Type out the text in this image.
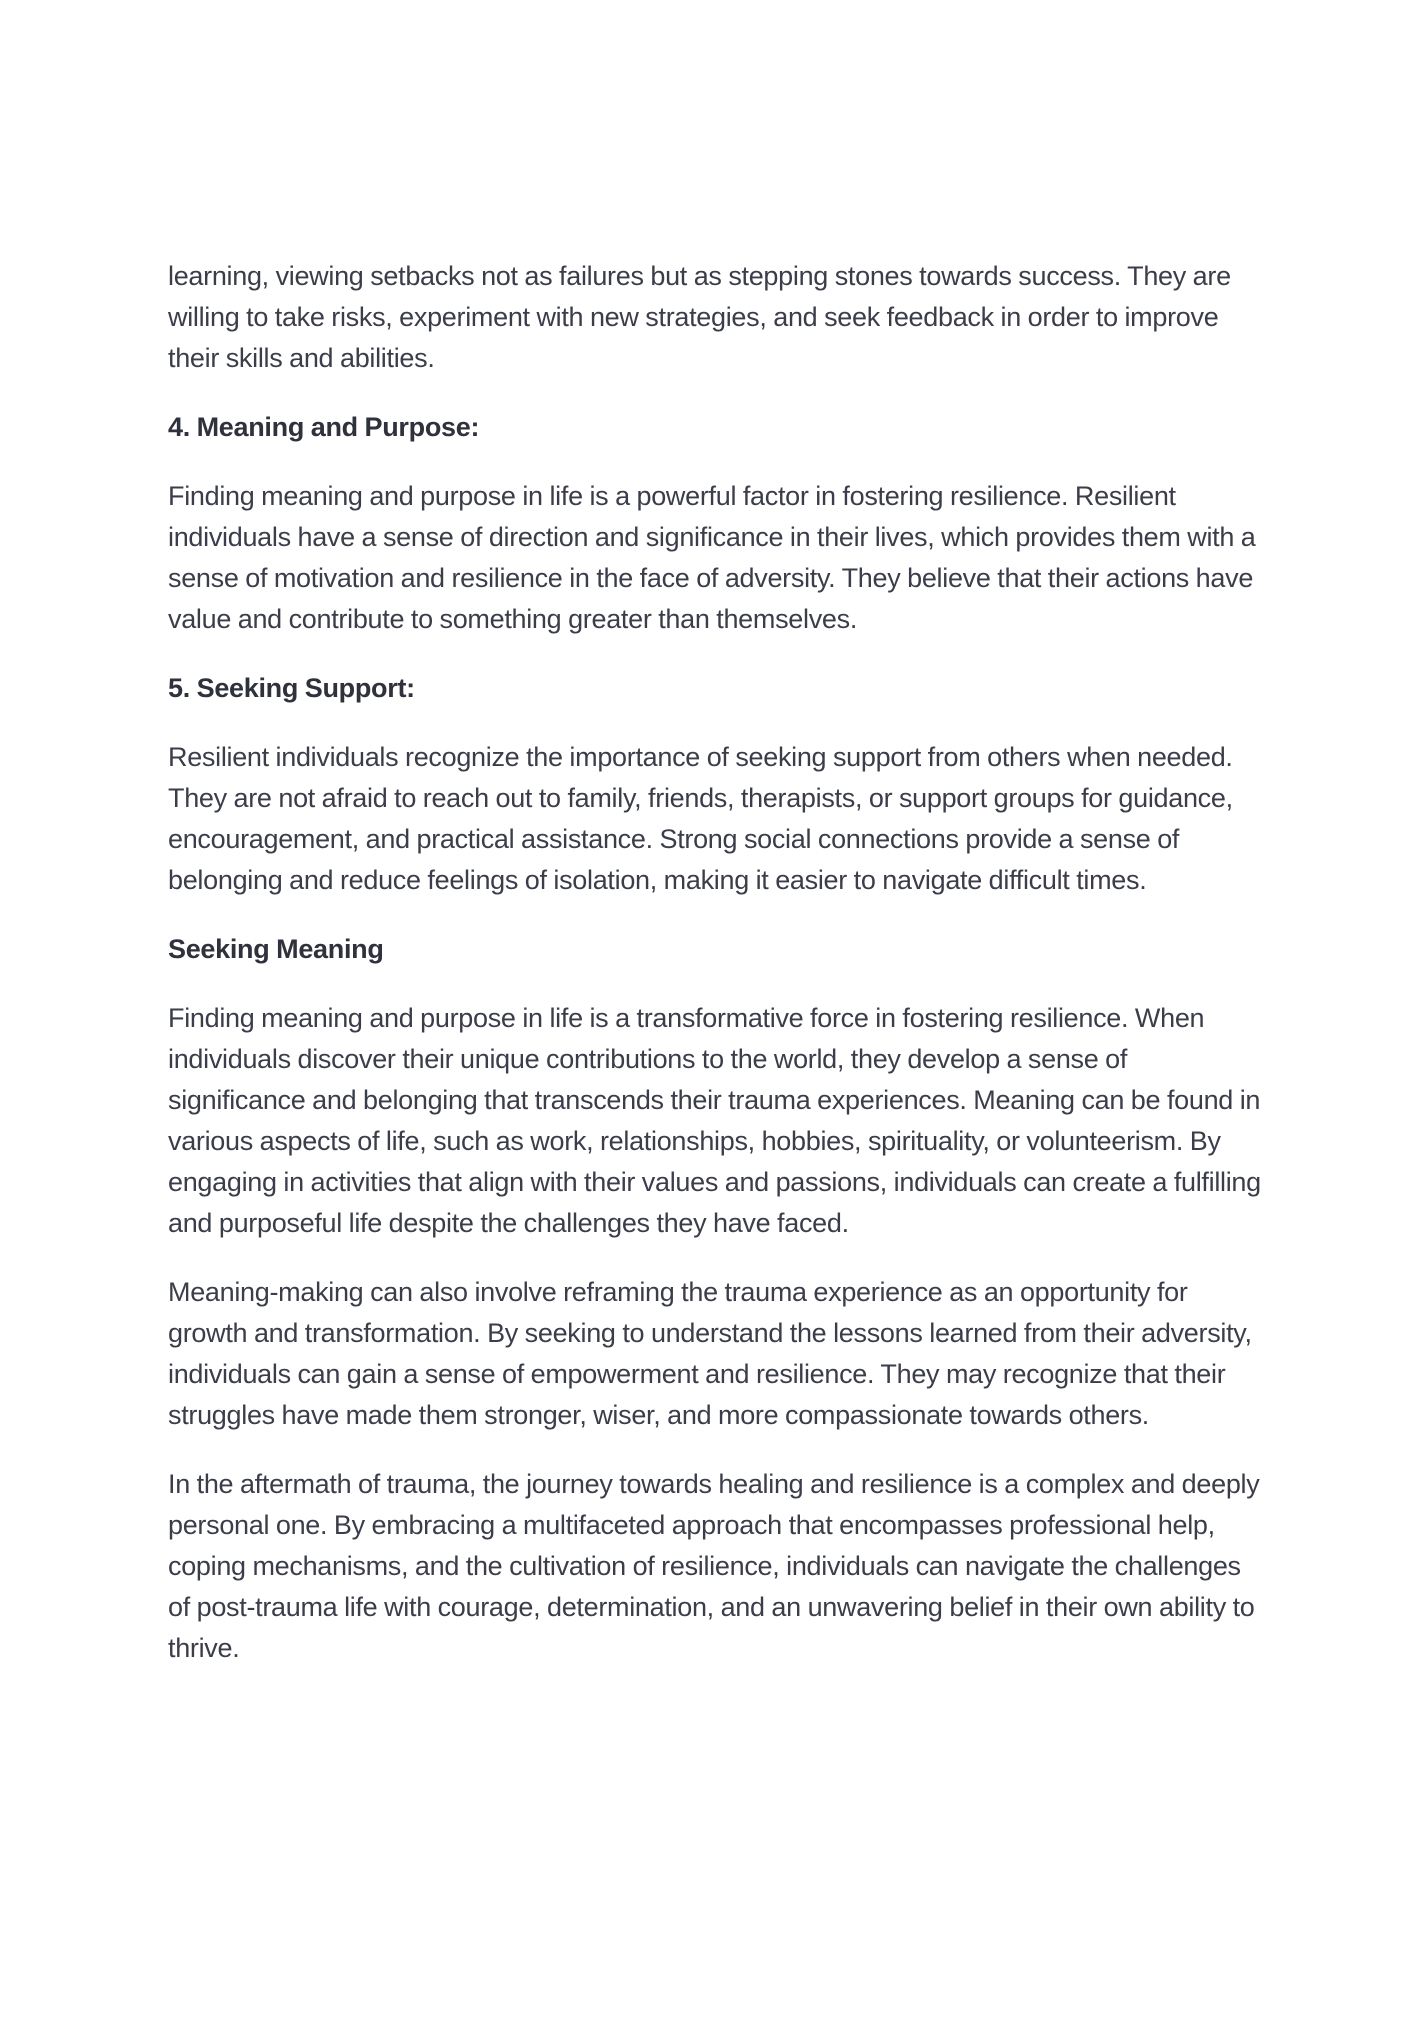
learning, viewing setbacks not as failures but as stepping stones towards success. They are willing to take risks, experiment with new strategies, and seek feedback in order to improve their skills and abilities.

4. Meaning and Purpose:

Finding meaning and purpose in life is a powerful factor in fostering resilience. Resilient individuals have a sense of direction and significance in their lives, which provides them with a sense of motivation and resilience in the face of adversity. They believe that their actions have value and contribute to something greater than themselves.

5. Seeking Support:

Resilient individuals recognize the importance of seeking support from others when needed. They are not afraid to reach out to family, friends, therapists, or support groups for guidance, encouragement, and practical assistance. Strong social connections provide a sense of belonging and reduce feelings of isolation, making it easier to navigate difficult times.

Seeking Meaning

Finding meaning and purpose in life is a transformative force in fostering resilience. When individuals discover their unique contributions to the world, they develop a sense of significance and belonging that transcends their trauma experiences. Meaning can be found in various aspects of life, such as work, relationships, hobbies, spirituality, or volunteerism. By engaging in activities that align with their values and passions, individuals can create a fulfilling and purposeful life despite the challenges they have faced.

Meaning-making can also involve reframing the trauma experience as an opportunity for growth and transformation. By seeking to understand the lessons learned from their adversity, individuals can gain a sense of empowerment and resilience. They may recognize that their struggles have made them stronger, wiser, and more compassionate towards others.

In the aftermath of trauma, the journey towards healing and resilience is a complex and deeply personal one. By embracing a multifaceted approach that encompasses professional help, coping mechanisms, and the cultivation of resilience, individuals can navigate the challenges of post-trauma life with courage, determination, and an unwavering belief in their own ability to thrive.
